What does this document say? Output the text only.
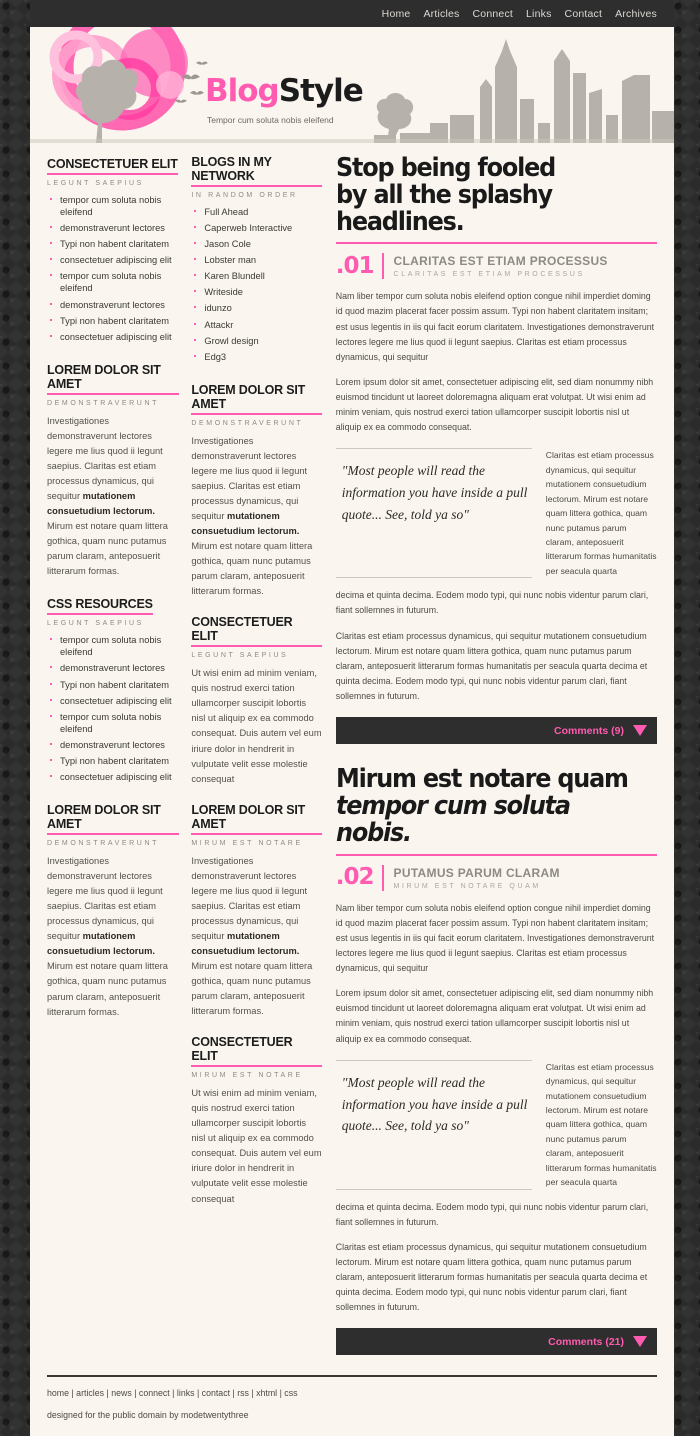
Home Articles Connect Links Contact Archives
BlogStyle
Tempor cum soluta nobis eleifend
CONSECTETUER ELIT
LEGUNT SAEPIUS
tempor cum soluta nobis eleifend
demonstraverunt lectores
Typi non habent claritatem
consectetuer adipiscing elit
tempor cum soluta nobis eleifend
demonstraverunt lectores
Typi non habent claritatem
consectetuer adipiscing elit
LOREM DOLOR SIT AMET
DEMONSTRAVERUNT

Investigationes demonstraverunt lectores legere me lius quod ii legunt saepius. Claritas est etiam processus dynamicus, qui sequitur mutationem consuetudium lectorum. Mirum est notare quam littera gothica, quam nunc putamus parum claram, anteposuerit litterarum formas.

CSS RESOURCES
LEGUNT SAEPIUS
tempor cum soluta nobis eleifend
demonstraverunt lectores
Typi non habent claritatem
consectetuer adipiscing elit
tempor cum soluta nobis eleifend
demonstraverunt lectores
Typi non habent claritatem
consectetuer adipiscing elit
LOREM DOLOR SIT AMET
DEMONSTRAVERUNT

Investigationes demonstraverunt lectores legere me lius quod ii legunt saepius. Claritas est etiam processus dynamicus, qui sequitur mutationem consuetudium lectorum. Mirum est notare quam littera gothica, quam nunc putamus parum claram, anteposuerit litterarum formas.

BLOGS IN MY NETWORK
IN RANDOM ORDER
Full Ahead
Caperweb Interactive
Jason Cole
Lobster man
Karen Blundell
Writeside
idunzo
Attackr
Growl design
Edg3
LOREM DOLOR SIT AMET
DEMONSTRAVERUNT

Investigationes demonstraverunt lectores legere me lius quod ii legunt saepius. Claritas est etiam processus dynamicus, qui sequitur mutationem consuetudium lectorum. Mirum est notare quam littera gothica, quam nunc putamus parum claram, anteposuerit litterarum formas.

CONSECTETUER ELIT
LEGUNT SAEPIUS

Ut wisi enim ad minim veniam, quis nostrud exerci tation ullamcorper suscipit lobortis nisl ut aliquip ex ea commodo consequat. Duis autem vel eum iriure dolor in hendrerit in vulputate velit esse molestie consequat

LOREM DOLOR SIT AMET
MIRUM EST NOTARE

Investigationes demonstraverunt lectores legere me lius quod ii legunt saepius. Claritas est etiam processus dynamicus, qui sequitur mutationem consuetudium lectorum. Mirum est notare quam littera gothica, quam nunc putamus parum claram, anteposuerit litterarum formas.

CONSECTETUER ELIT
MIRUM EST NOTARE

Ut wisi enim ad minim veniam, quis nostrud exerci tation ullamcorper suscipit lobortis nisl ut aliquip ex ea commodo consequat. Duis autem vel eum iriure dolor in hendrerit in vulputate velit esse molestie consequat

Stop being fooled
by all the splashy headlines.
.01 CLARITAS EST ETIAM PROCESSUS
CLARITAS EST ETIAM PROCESSUS

Nam liber tempor cum soluta nobis eleifend option congue nihil imperdiet doming id quod mazim placerat facer possim assum. Typi non habent claritatem insitam; est usus legentis in iis qui facit eorum claritatem. Investigationes demonstraverunt lectores legere me lius quod ii legunt saepius. Claritas est etiam processus dynamicus, qui sequitur

Lorem ipsum dolor sit amet, consectetuer adipiscing elit, sed diam nonummy nibh euismod tincidunt ut laoreet doloremagna aliquam erat volutpat. Ut wisi enim ad minim veniam, quis nostrud exerci tation ullamcorper suscipit lobortis nisl ut aliquip ex ea commodo consequat.

"Most people will read the information you have inside a pull quote... See, told ya so"
Claritas est etiam processus dynamicus, qui sequitur mutationem consuetudium lectorum. Mirum est notare quam littera gothica, quam nunc putamus parum claram, anteposuerit litterarum formas humanitatis per seacula quarta

decima et quinta decima. Eodem modo typi, qui nunc nobis videntur parum clari, fiant sollemnes in futurum.

Claritas est etiam processus dynamicus, qui sequitur mutationem consuetudium lectorum. Mirum est notare quam littera gothica, quam nunc putamus parum claram, anteposuerit litterarum formas humanitatis per seacula quarta decima et quinta decima. Eodem modo typi, qui nunc nobis videntur parum clari, fiant sollemnes in futurum.

Comments (9)
Mirum est notare quam
tempor cum soluta nobis.
.02 PUTAMUS PARUM CLARAM
MIRUM EST NOTARE QUAM

Nam liber tempor cum soluta nobis eleifend option congue nihil imperdiet doming id quod mazim placerat facer possim assum. Typi non habent claritatem insitam; est usus legentis in iis qui facit eorum claritatem. Investigationes demonstraverunt lectores legere me lius quod ii legunt saepius. Claritas est etiam processus dynamicus, qui sequitur

Lorem ipsum dolor sit amet, consectetuer adipiscing elit, sed diam nonummy nibh euismod tincidunt ut laoreet doloremagna aliquam erat volutpat. Ut wisi enim ad minim veniam, quis nostrud exerci tation ullamcorper suscipit lobortis nisl ut aliquip ex ea commodo consequat.

"Most people will read the information you have inside a pull quote... See, told ya so"
Claritas est etiam processus dynamicus, qui sequitur mutationem consuetudium lectorum. Mirum est notare quam littera gothica, quam nunc putamus parum claram, anteposuerit litterarum formas humanitatis per seacula quarta

decima et quinta decima. Eodem modo typi, qui nunc nobis videntur parum clari, fiant sollemnes in futurum.

Claritas est etiam processus dynamicus, qui sequitur mutationem consuetudium lectorum. Mirum est notare quam littera gothica, quam nunc putamus parum claram, anteposuerit litterarum formas humanitatis per seacula quarta decima et quinta decima. Eodem modo typi, qui nunc nobis videntur parum clari, fiant sollemnes in futurum.

Comments (21)
home | articles | news | connect | links | contact | rss | xhtml | css
designed for the public domain by modetwentythree
